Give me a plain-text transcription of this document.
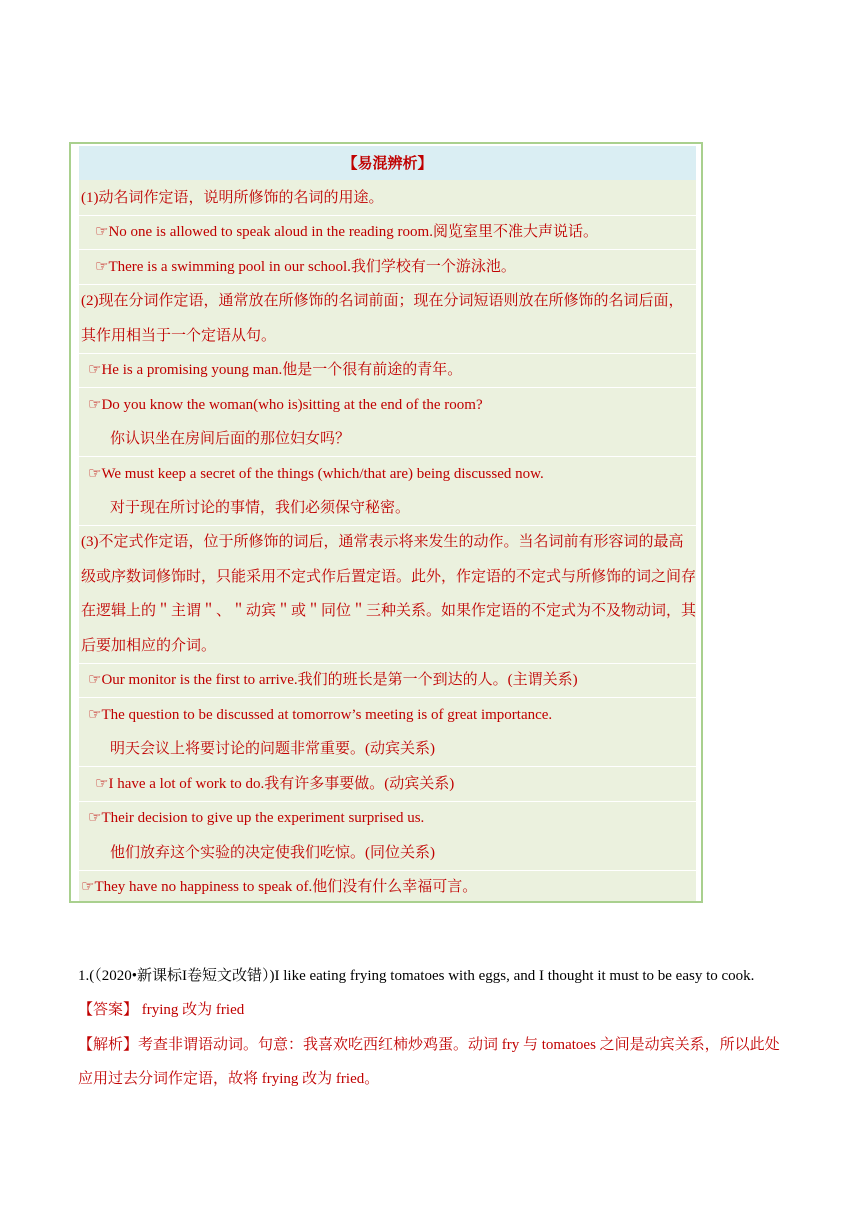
【易混辨析】
(1)动名词作定语，说明所修饰的名词的用途。
☞No one is allowed to speak aloud in the reading room.阅览室里不准大声说话。
☞There is a swimming pool in our school.我们学校有一个游泳池。
(2)现在分词作定语，通常放在所修饰的名词前面；现在分词短语则放在所修饰的名词后面，
其作用相当于一个定语从句。
☞He is a promising young man.他是一个很有前途的青年。
☞Do you know the woman(who is)sitting at the end of the room?
你认识坐在房间后面的那位妇女吗？
☞We must keep a secret of the things (which/that are) being discussed now.
对于现在所讨论的事情，我们必须保守秘密。
(3)不定式作定语，位于所修饰的词后，通常表示将来发生的动作。当名词前有形容词的最高
级或序数词修饰时，只能采用不定式作后置定语。此外，作定语的不定式与所修饰的词之间存
在逻辑上的＂主谓＂、＂动宾＂或＂同位＂三种关系。如果作定语的不定式为不及物动词，其
后要加相应的介词。
☞Our monitor is the first to arrive.我们的班长是第一个到达的人。(主谓关系)
☞The question to be discussed at tomorrow’s meeting is of great importance.
明天会议上将要讨论的问题非常重要。(动宾关系)
☞I have a lot of work to do.我有许多事要做。(动宾关系)
☞Their decision to give up the experiment surprised us.
他们放弃这个实验的决定使我们吃惊。(同位关系)
☞They have no happiness to speak of.他们没有什么幸福可言。
1.(（2020•新课标I卷短文改错）)I like eating frying tomatoes with eggs, and I thought it must to be easy to cook.
【答案】 frying 改为 fried
【解析】考查非谓语动词。句意：我喜欢吃西红柿炒鸡蛋。动词 fry 与 tomatoes 之间是动宾关系，所以此处
应用过去分词作定语，故将 frying 改为 fried。
